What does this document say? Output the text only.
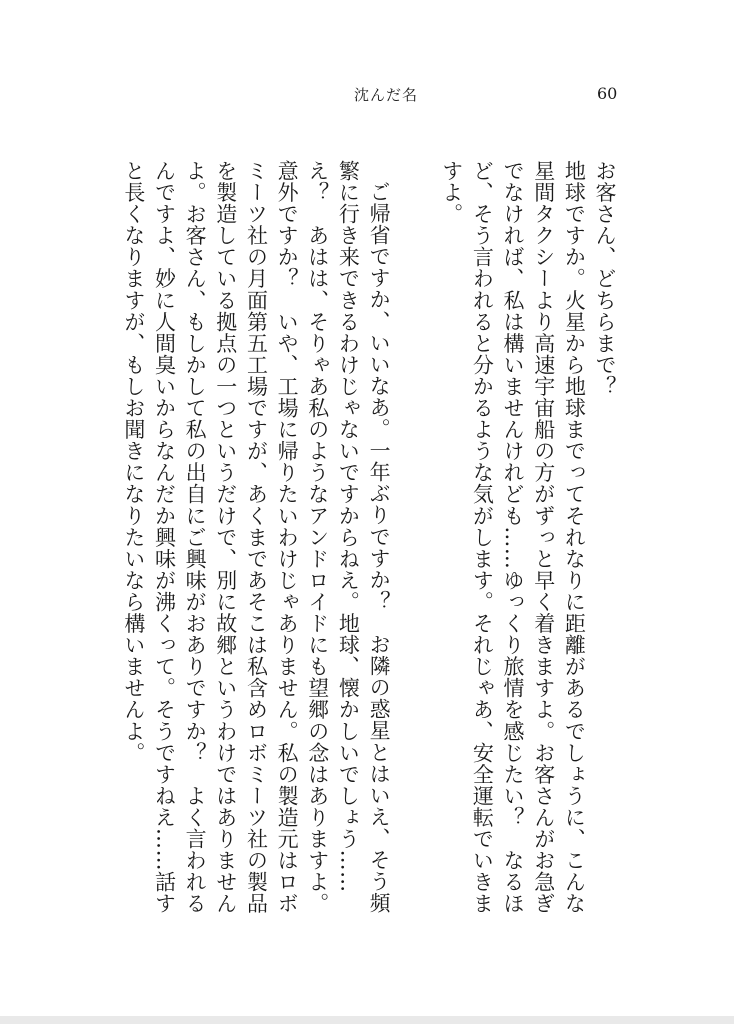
沈んだ名	60

お客さん、どちらまで？

地球ですか。火星から地球までってそれなりに距離があるでしょうに、こんな星間タクシーより高速宇宙船の方がずっと早く着きますよ。お客さんがお急ぎでなければ、私は構いませんけれども……ゆっくり旅情を感じたい？　なるほど、そう言われると分かるような気がします。それじゃあ、安全運転でいきますよ。

ご帰省ですか、いいなあ。一年ぶりですか？　お隣の惑星とはいえ、そう頻繁に行き来できるわけじゃないですからねえ。地球、懐かしいでしょう……え？　あはは、そりゃあ私のようなアンドロイドにも望郷の念はありますよ。意外ですか？　いや、工場に帰りたいわけじゃありません。私の製造元はロボミーツ社の月面第五工場ですが、あくまであそこは私含めロボミーツ社の製品を製造している拠点の一つというだけで、別に故郷というわけではありませんよ。お客さん、もしかして私の出自にご興味がおありですか？　よく言われるんですよ、妙に人間臭いからなんだか興味が沸くって。そうですねえ……話すと長くなりますが、もしお聞きになりたいなら構いませんよ。
